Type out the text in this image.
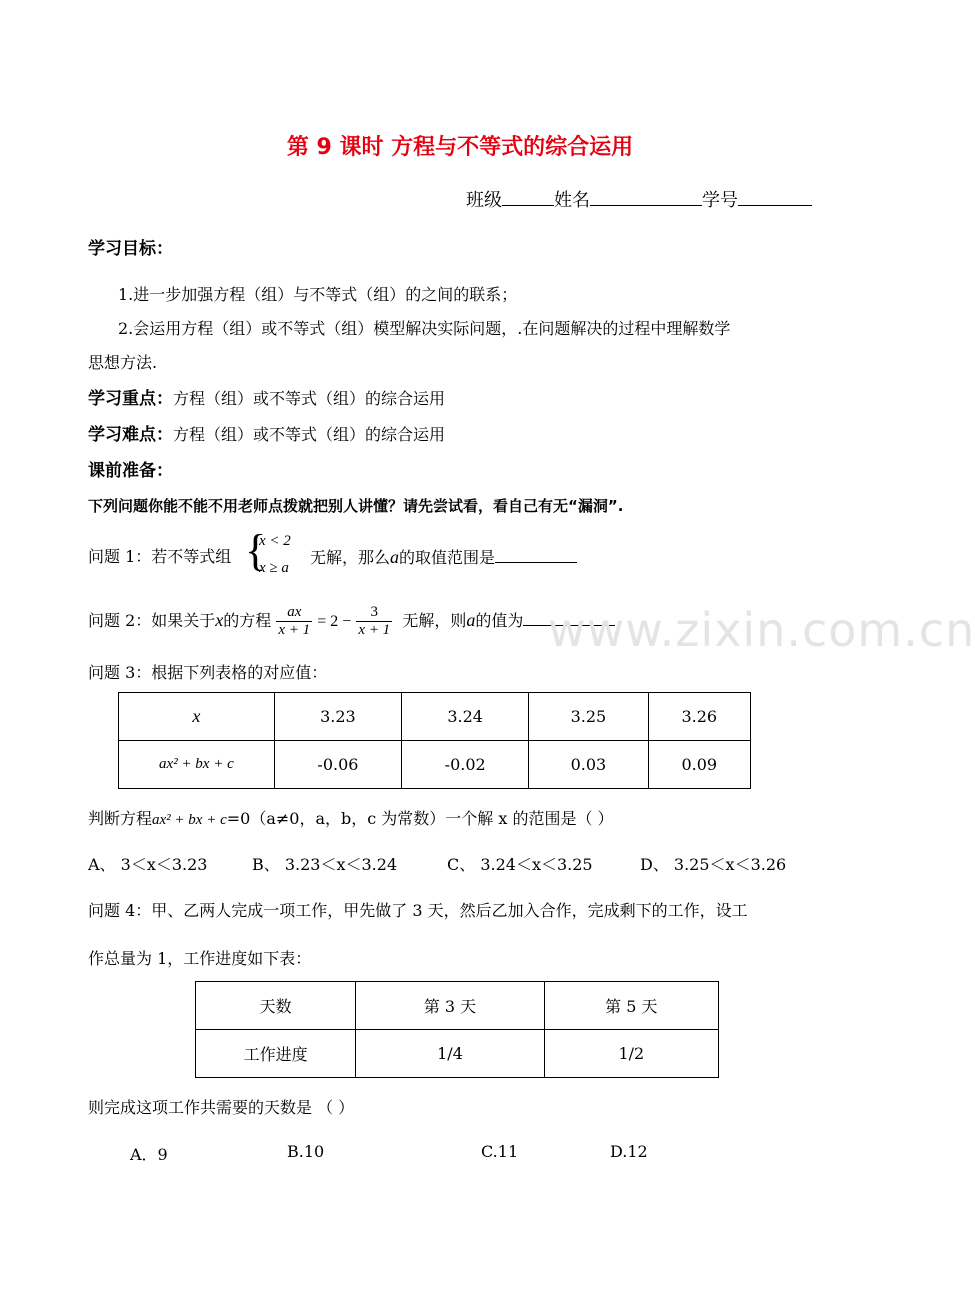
第 9 课时 方程与不等式的综合运用
班级	姓名	学号
学习目标：
1.进一步加强方程（组）与不等式（组）的之间的联系；
2.会运用方程（组）或不等式（组）模型解决实际问题，.在问题解决的过程中理解数学
思想方法.
学习重点：方程（组）或不等式（组）的综合运用
学习难点：方程（组）或不等式（组）的综合运用
课前准备：
下列问题你能不能不用老师点拨就把别人讲懂？请先尝试看，看自己有无“漏洞”.
问题 1：若不等式组 {
x < 2
x ≥ a
无解，那么a的取值范围是
问题 2：如果关于x的方程 $\frac{ax}{x + 1} = 2 - \frac{3}{x + 1}$ 无解，则a的值为 www.zixin.com.cn
问题 3：根据下列表格的对应值：
x	3.23	3.24	3.25	3.26
ax² + bx + c	-0.06	-0.02	0.03	0.09
判断方程ax² + bx + c=0（a≠0，a，b，c 为常数）一个解 x 的范围是（ ）
A、 3＜x＜3.23	B、 3.23＜x＜3.24	C、 3.24＜x＜3.25	D、 3.25＜x＜3.26
问题 4：甲、乙两人完成一项工作，甲先做了 3 天，然后乙加入合作，完成剩下的工作，设工
作总量为 1，工作进度如下表：
天数	第 3 天	第 5 天
工作进度	1/4	1/2
则完成这项工作共需要的天数是 （ ）
A．9	B.10	C.11	D.12
